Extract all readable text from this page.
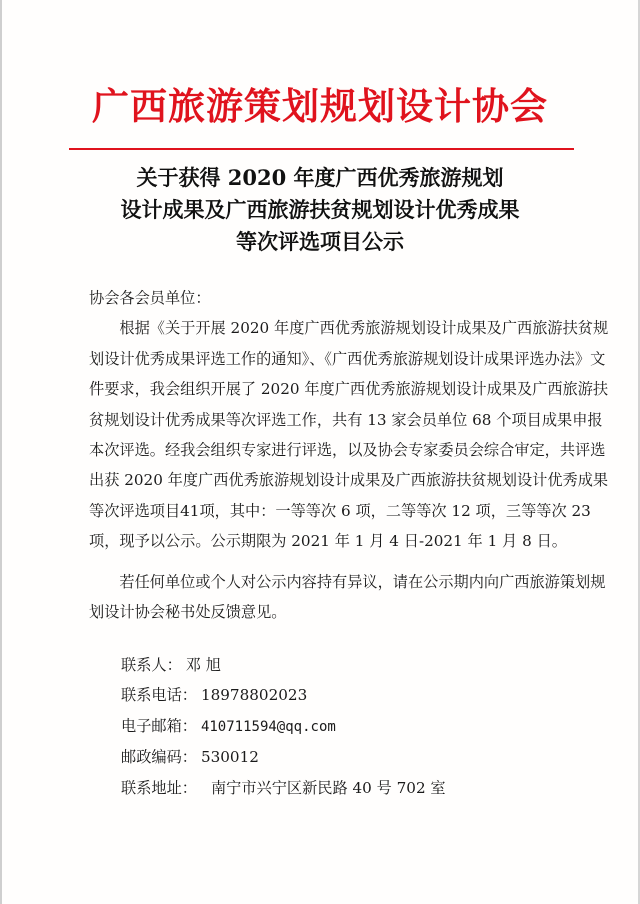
广西旅游策划规划设计协会
关于获得 2020 年度广西优秀旅游规划
设计成果及广西旅游扶贫规划设计优秀成果
等次评选项目公示

协会各会员单位：

根据《关于开展 2020 年度广西优秀旅游规划设计成果及广西旅游扶贫规划设计优秀成果评选工作的通知》、《广西优秀旅游规划设计成果评选办法》文件要求，我会组织开展了 2020 年度广西优秀旅游规划设计成果及广西旅游扶贫规划设计优秀成果等次评选工作，共有 13 家会员单位 68 个项目成果申报本次评选。经我会组织专家进行评选，以及协会专家委员会综合审定，共评选出获 2020 年度广西优秀旅游规划设计成果及广西旅游扶贫规划设计优秀成果等次评选项目41项，其中：一等等次 6 项，二等等次 12 项，三等等次 23 项，现予以公示。公示期限为 2021 年 1 月 4 日-2021 年 1 月 8 日。

若任何单位或个人对公示内容持有异议，请在公示期内向广西旅游策划规划设计协会秘书处反馈意见。

联系人： 邓 旭
联系电话： 18978802023
电子邮箱： 410711594@qq.com
邮政编码： 530012
联系地址： 南宁市兴宁区新民路 40 号 702 室
